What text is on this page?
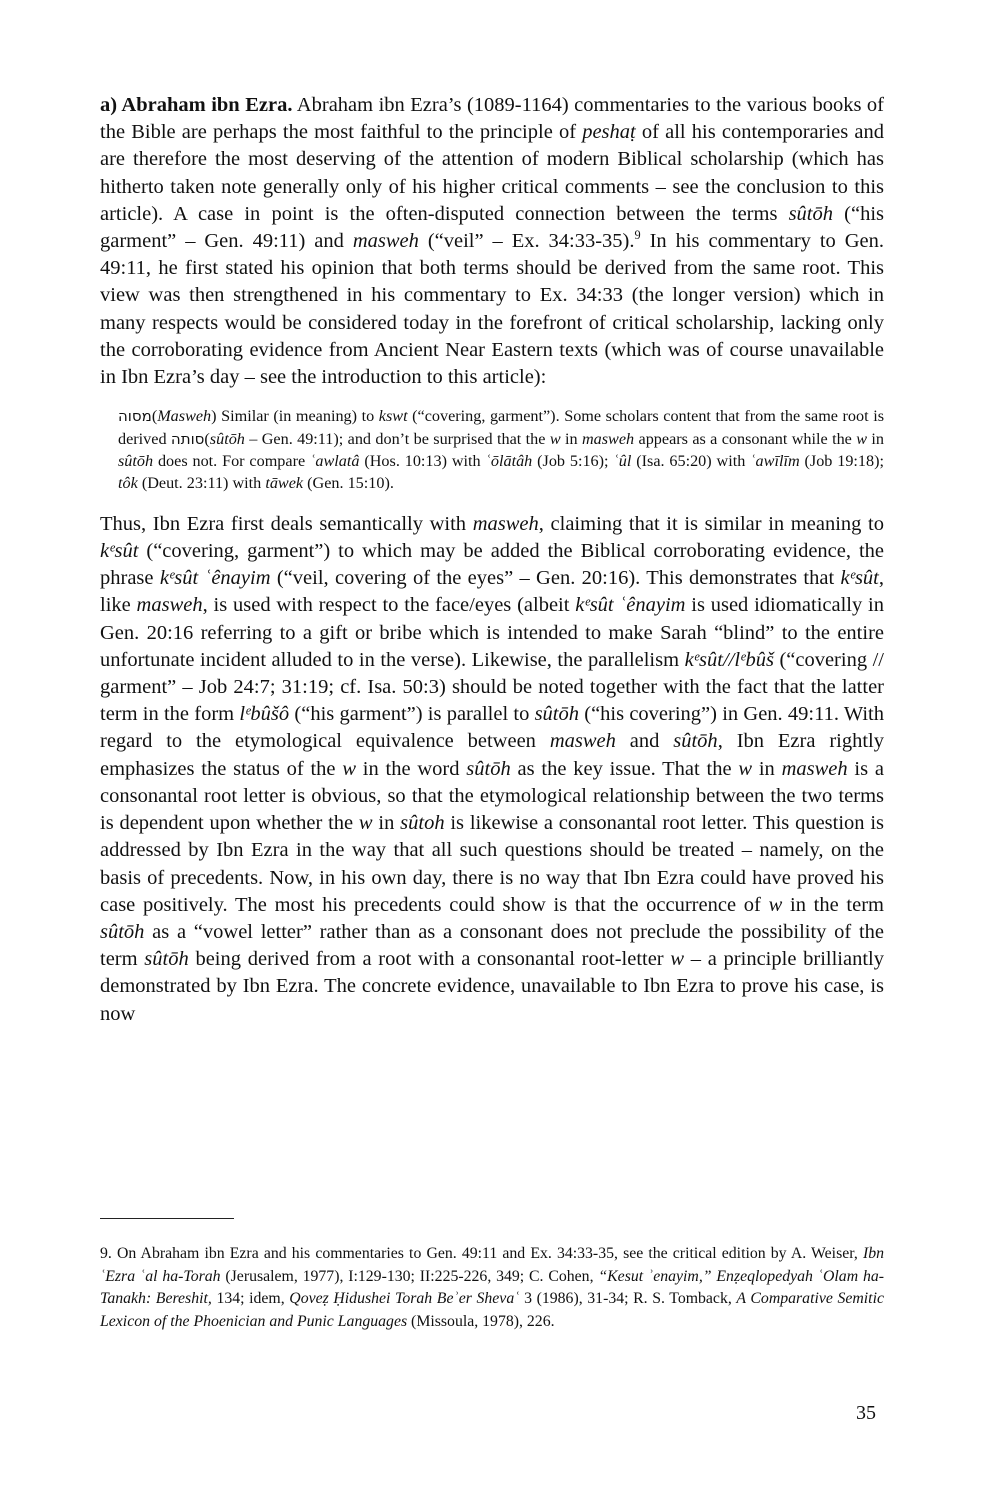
a) Abraham ibn Ezra. Abraham ibn Ezra’s (1089-1164) commentaries to the various books of the Bible are perhaps the most faithful to the principle of peshaṭ of all his contemporaries and are therefore the most deserving of the attention of modern Biblical scholarship (which has hitherto taken note generally only of his higher critical comments – see the conclusion to this article). A case in point is the often-disputed connection between the terms sûtōh (“his garment” – Gen. 49:11) and masweh (“veil” – Ex. 34:33-35).$^9$ In his commentary to Gen. 49:11, he first stated his opinion that both terms should be derived from the same root. This view was then strengthened in his commentary to Ex. 34:33 (the longer version) which in many respects would be considered today in the forefront of critical scholarship, lacking only the corroborating evidence from Ancient Near Eastern texts (which was of course unavailable in Ibn Ezra’s day – see the introduction to this article):

מסוה(Masweh) Similar (in meaning) to kswt (“covering, garment”). Some scholars content that from the same root is derived סותה(sûtōh – Gen. 49:11); and don’t be surprised that the w in masweh appears as a consonant while the w in sûtōh does not. For compare ʿawlatâ (Hos. 10:13) with ʿōlātâh (Job 5:16); ʿûl (Isa. 65:20) with ʿawīlīm (Job 19:18); tôk (Deut. 23:11) with tāwek (Gen. 15:10).

Thus, Ibn Ezra first deals semantically with masweh, claiming that it is similar in meaning to kᵉsût (“covering, garment”) to which may be added the Biblical corroborating evidence, the phrase kᵉsût ʿênayim (“veil, covering of the eyes” – Gen. 20:16). This demonstrates that kᵉsût, like masweh, is used with respect to the face/eyes (albeit kᵉsût ʿênayim is used idiomatically in Gen. 20:16 referring to a gift or bribe which is intended to make Sarah “blind” to the entire unfortunate incident alluded to in the verse). Likewise, the parallelism kᵉsût//lᵉbûš (“covering // garment” – Job 24:7; 31:19; cf. Isa. 50:3) should be noted together with the fact that the latter term in the form lᵉbûšô (“his garment”) is parallel to sûtōh (“his covering”) in Gen. 49:11. With regard to the etymological equivalence between masweh and sûtōh, Ibn Ezra rightly emphasizes the status of the w in the word sûtōh as the key issue. That the w in masweh is a consonantal root letter is obvious, so that the etymological relationship between the two terms is dependent upon whether the w in sûtoh is likewise a consonantal root letter. This question is addressed by Ibn Ezra in the way that all such questions should be treated – namely, on the basis of precedents. Now, in his own day, there is no way that Ibn Ezra could have proved his case positively. The most his precedents could show is that the occurrence of w in the term sûtōh as a “vowel letter” rather than as a consonant does not preclude the possibility of the term sûtōh being derived from a root with a consonantal root-letter w – a principle brilliantly demonstrated by Ibn Ezra. The concrete evidence, unavailable to Ibn Ezra to prove his case, is now

9. On Abraham ibn Ezra and his commentaries to Gen. 49:11 and Ex. 34:33-35, see the critical edition by A. Weiser, Ibn ʿEzra ʿal ha-Torah (Jerusalem, 1977), I:129-130; II:225-226, 349; C. Cohen, “Kesut ʾenayim,” Enẓeqlopedyah ʿOlam ha-Tanakh: Bereshit, 134; idem, Qoveẓ Ḥidushei Torah Beʾer Shevaʿ 3 (1986), 31-34; R. S. Tomback, A Comparative Semitic Lexicon of the Phoenician and Punic Languages (Missoula, 1978), 226.

35
